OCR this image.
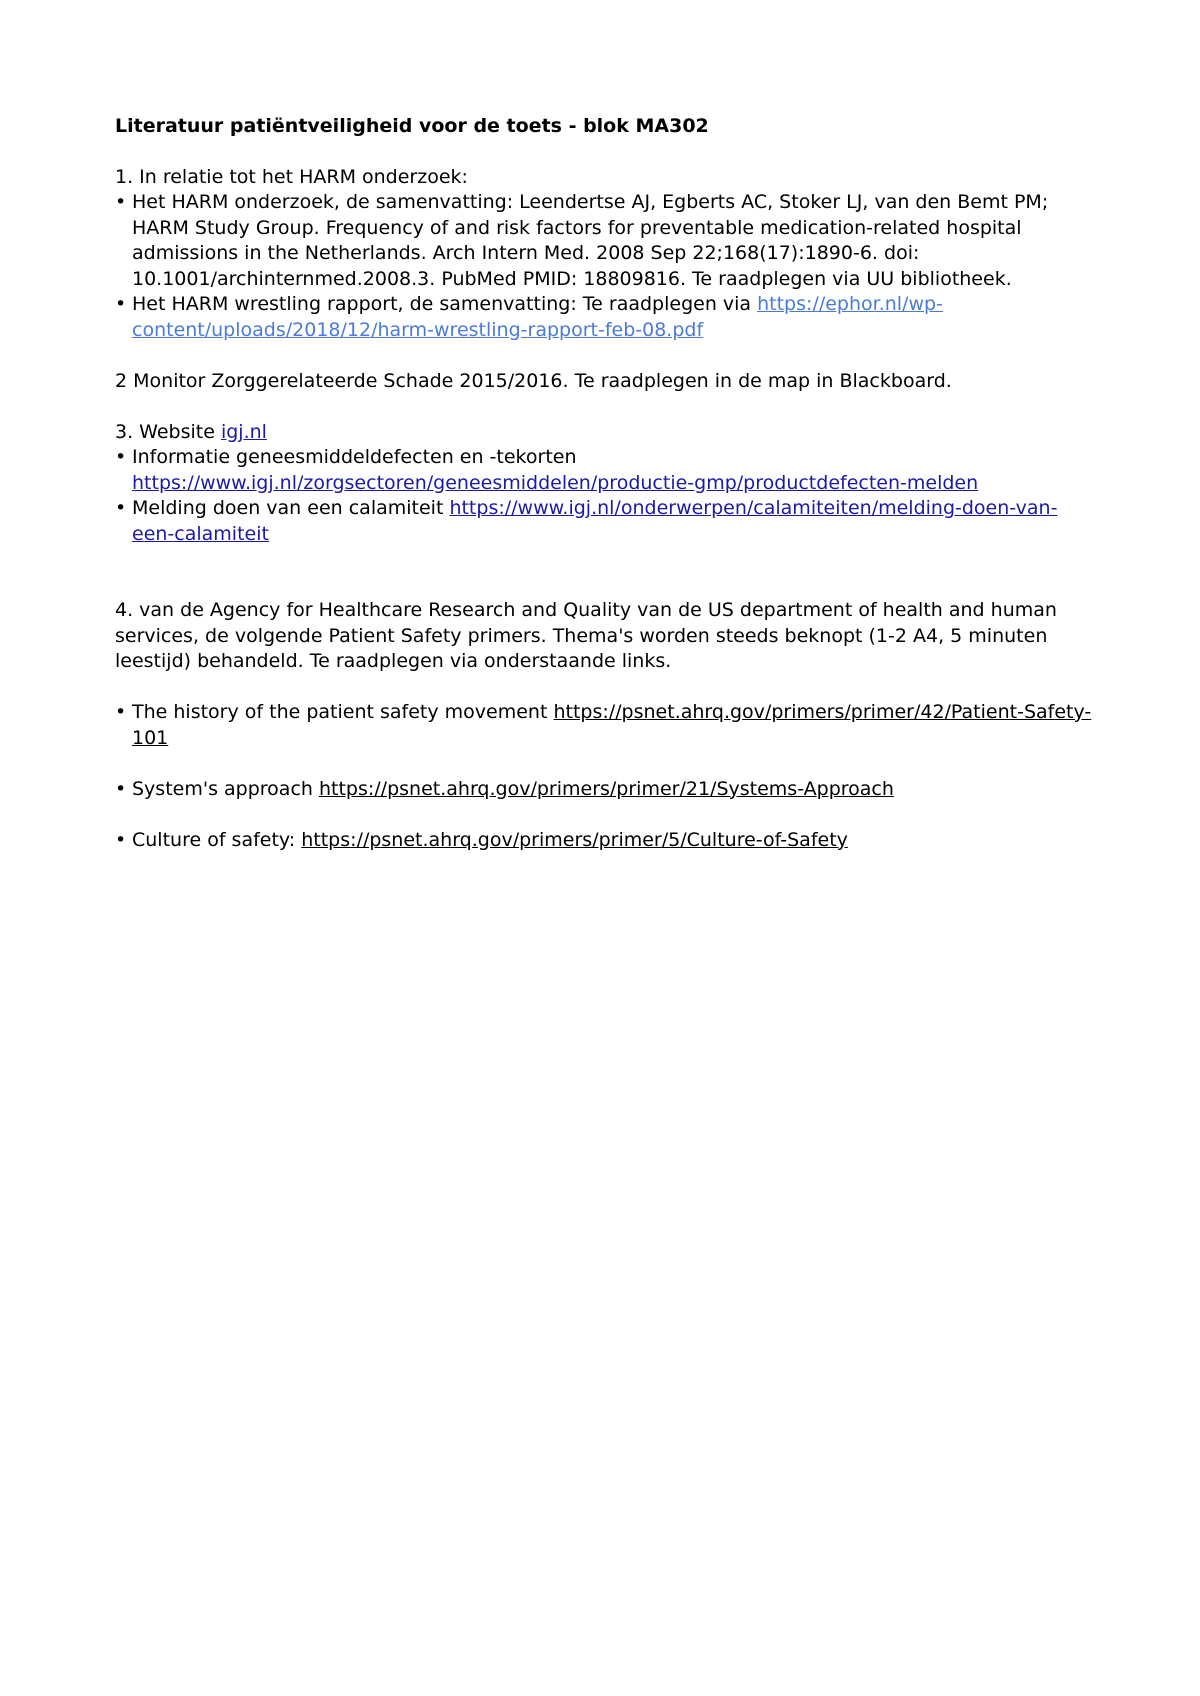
Literatuur patiëntveiligheid voor de toets - blok MA302

1. In relatie tot het HARM onderzoek:

• Het HARM onderzoek, de samenvatting: Leendertse AJ, Egberts AC, Stoker LJ, van den Bemt PM; HARM Study Group. Frequency of and risk factors for preventable medication-related hospital admissions in the Netherlands. Arch Intern Med. 2008 Sep 22;168(17):1890-6. doi: 10.1001/archinternmed.2008.3. PubMed PMID: 18809816. Te raadplegen via UU bibliotheek.
• Het HARM wrestling rapport, de samenvatting: Te raadplegen via https://ephor.nl/wp-content/uploads/2018/12/harm-wrestling-rapport-feb-08.pdf

2 Monitor Zorggerelateerde Schade 2015/2016. Te raadplegen in de map in Blackboard.

3. Website igj.nl

• Informatie geneesmiddeldefecten en -tekorten
https://www.igj.nl/zorgsectoren/geneesmiddelen/productie-gmp/productdefecten-melden
• Melding doen van een calamiteit https://www.igj.nl/onderwerpen/calamiteiten/melding-doen-van-een-calamiteit

4. van de Agency for Healthcare Research and Quality van de US department of health and human services, de volgende Patient Safety primers. Thema's worden steeds beknopt (1-2 A4, 5 minuten leestijd) behandeld. Te raadplegen via onderstaande links.

• The history of the patient safety movement https://psnet.ahrq.gov/primers/primer/42/Patient-Safety-101
• System's approach https://psnet.ahrq.gov/primers/primer/21/Systems-Approach
• Culture of safety: https://psnet.ahrq.gov/primers/primer/5/Culture-of-Safety
